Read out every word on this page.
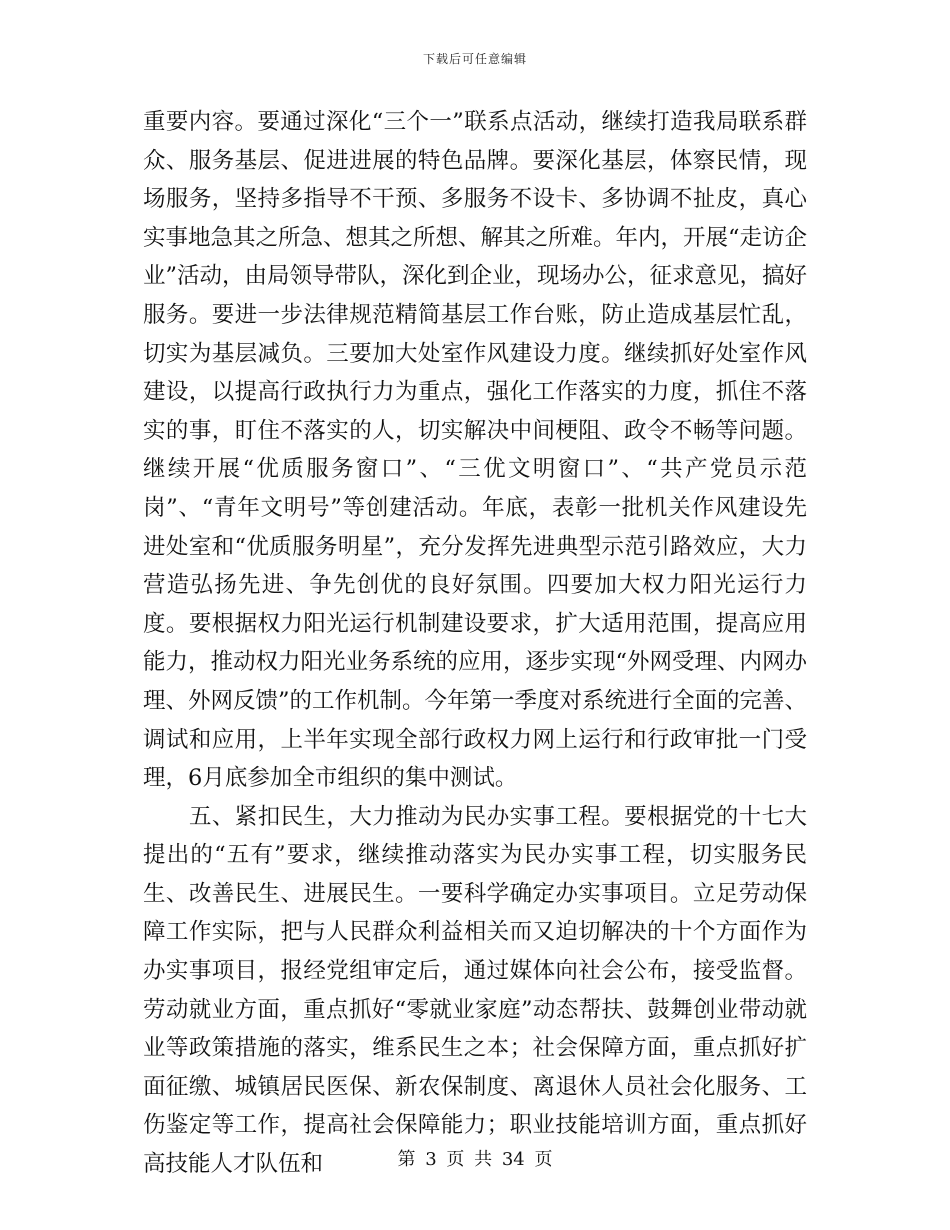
下载后可任意编辑

重要内容。要通过深化“三个一”联系点活动，继续打造我局联系群众、服务基层、促进进展的特色品牌。要深化基层，体察民情，现场服务，坚持多指导不干预、多服务不设卡、多协调不扯皮，真心实事地急其之所急、想其之所想、解其之所难。年内，开展“走访企业”活动，由局领导带队，深化到企业，现场办公，征求意见，搞好服务。要进一步法律规范精简基层工作台账，防止造成基层忙乱，切实为基层减负。三要加大处室作风建设力度。继续抓好处室作风建设，以提高行政执行力为重点，强化工作落实的力度，抓住不落实的事，盯住不落实的人，切实解决中间梗阻、政令不畅等问题。继续开展“优质服务窗口”、“三优文明窗口”、“共产党员示范岗”、“青年文明号”等创建活动。年底，表彰一批机关作风建设先进处室和“优质服务明星”，充分发挥先进典型示范引路效应，大力营造弘扬先进、争先创优的良好氛围。四要加大权力阳光运行力度。要根据权力阳光运行机制建设要求，扩大适用范围，提高应用能力，推动权力阳光业务系统的应用，逐步实现“外网受理、内网办理、外网反馈”的工作机制。今年第一季度对系统进行全面的完善、调试和应用，上半年实现全部行政权力网上运行和行政审批一门受理，6月底参加全市组织的集中测试。

五、紧扣民生，大力推动为民办实事工程。要根据党的十七大提出的“五有”要求，继续推动落实为民办实事工程，切实服务民生、改善民生、进展民生。一要科学确定办实事项目。立足劳动保障工作实际，把与人民群众利益相关而又迫切解决的十个方面作为办实事项目，报经党组审定后，通过媒体向社会公布，接受监督。劳动就业方面，重点抓好“零就业家庭”动态帮扶、鼓舞创业带动就业等政策措施的落实，维系民生之本；社会保障方面，重点抓好扩面征缴、城镇居民医保、新农保制度、离退休人员社会化服务、工伤鉴定等工作，提高社会保障能力；职业技能培训方面，重点抓好高技能人才队伍和	第 3 页 共 34 页
